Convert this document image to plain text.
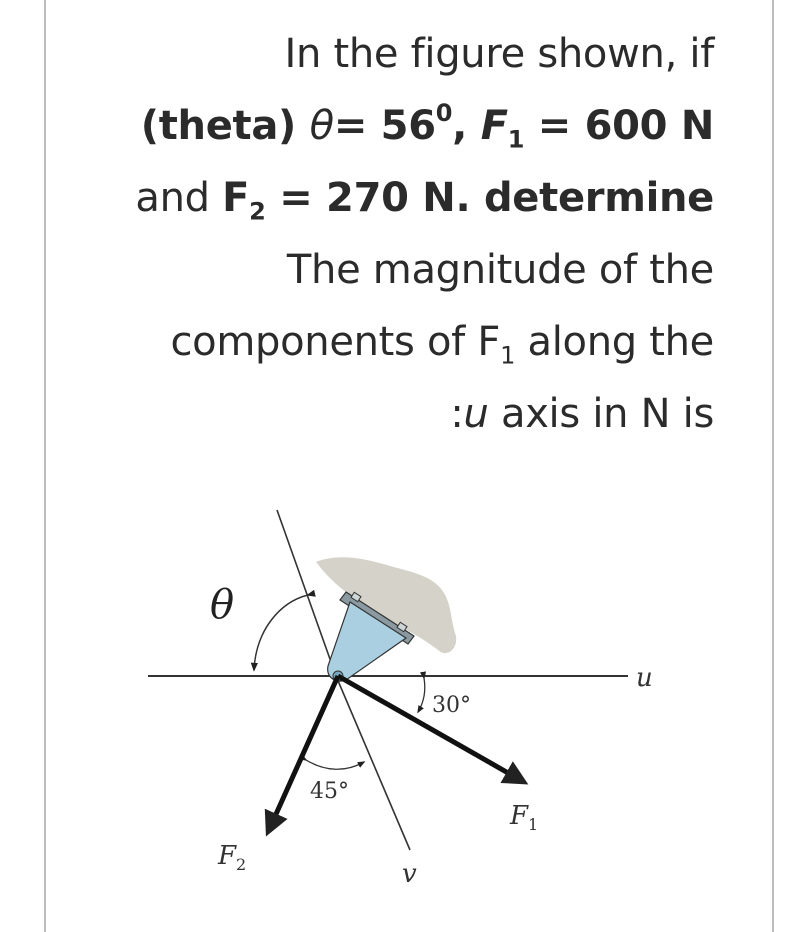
In the figure shown, if
(theta) $\theta= 56^0$, $F_1 = 600$ N
and $F_2 = 270$ N. determine
The magnitude of the
components of $F_1$ along the
:u axis in N is
θ
u
30°
45°
$F_1$
$F_2$	v
